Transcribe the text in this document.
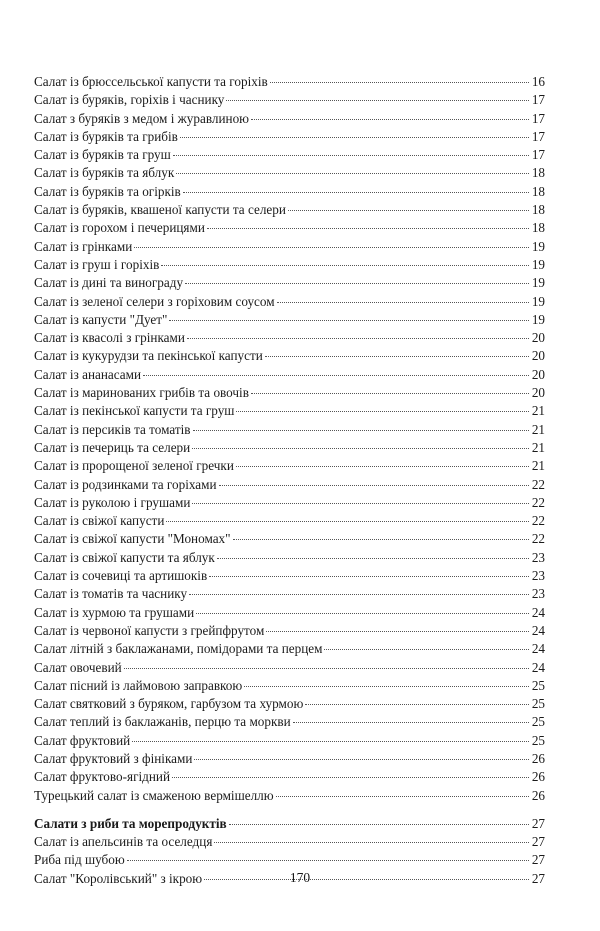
Салат із брюссельської капусти та горіхів	16
Салат із буряків, горіхів і часнику	17
Салат з буряків з медом і журавлиною	17
Салат із буряків та грибів	17
Салат із буряків та груш	17
Салат із буряків та яблук	18
Салат із буряків та огірків	18
Салат із буряків, квашеної капусти та селери	18
Салат із горохом і печерицями	18
Салат із грінками	19
Салат із груш і горіхів	19
Салат із дині та винограду	19
Салат із зеленої селери з горіховим соусом	19
Салат із капусти "Дует"	19
Салат із квасолі з грінками	20
Салат із кукурудзи та пекінської капусти	20
Салат із ананасами	20
Салат із маринованих грибів та овочів	20
Салат із пекінської капусти та груш	21
Салат із персиків та томатів	21
Салат із печериць та селери	21
Салат із пророщеної зеленої гречки	21
Салат із родзинками та горіхами	22
Салат із руколою і грушами	22
Салат із свіжої капусти	22
Салат із свіжої капусти "Мономах"	22
Салат із свіжої капусти та яблук	23
Салат із сочевиці та артишоків	23
Салат із томатів та часнику	23
Салат із хурмою та грушами	24
Салат із червоної капусти з грейпфрутом	24
Салат літній з баклажанами, помідорами та перцем	24
Салат овочевий	24
Салат пісний із лаймовою заправкою	25
Салат святковий з буряком, гарбузом та хурмою	25
Салат теплий із баклажанів, перцю та моркви	25
Салат фруктовий	25
Салат фруктовий з фініками	26
Салат фруктово-ягідний	26
Турецький салат із смаженою вермішеллю	26
Салати з риби та морепродуктів	27
Салат із апельсинів та оселедця	27
Риба під шубою	27
Салат "Королівський" з ікрою	27
170
